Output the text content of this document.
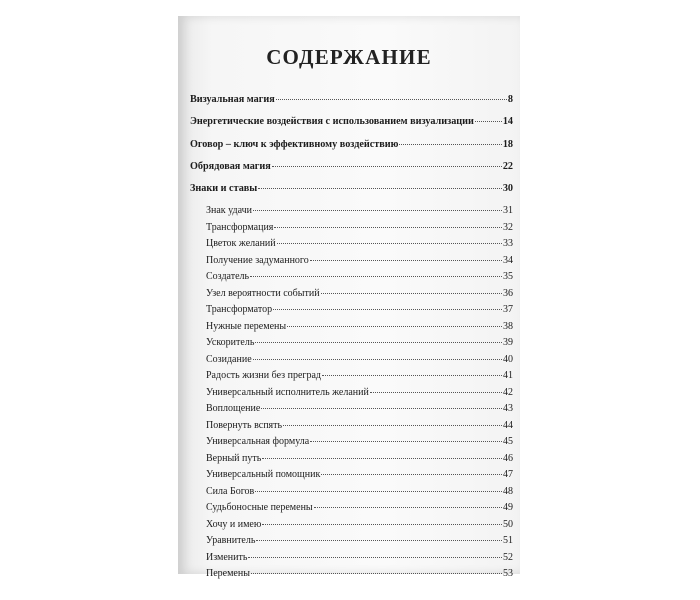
СОДЕРЖАНИЕ
Визуальная магия	8
Энергетические воздействия с использованием визуализации	14
Оговор – ключ к эффективному воздействию	18
Обрядовая магия	22
Знаки и ставы	30
Знак удачи	31
Трансформация	32
Цветок желаний	33
Получение задуманного	34
Создатель	35
Узел вероятности событий	36
Трансформатор	37
Нужные перемены	38
Ускоритель	39
Созидание	40
Радость жизни без преград	41
Универсальный исполнитель желаний	42
Воплощение	43
Повернуть вспять	44
Универсальная формула	45
Верный путь	46
Универсальный помощник	47
Сила Богов	48
Судьбоносные перемены	49
Хочу и имею	50
Уравнитель	51
Изменить	52
Перемены	53
